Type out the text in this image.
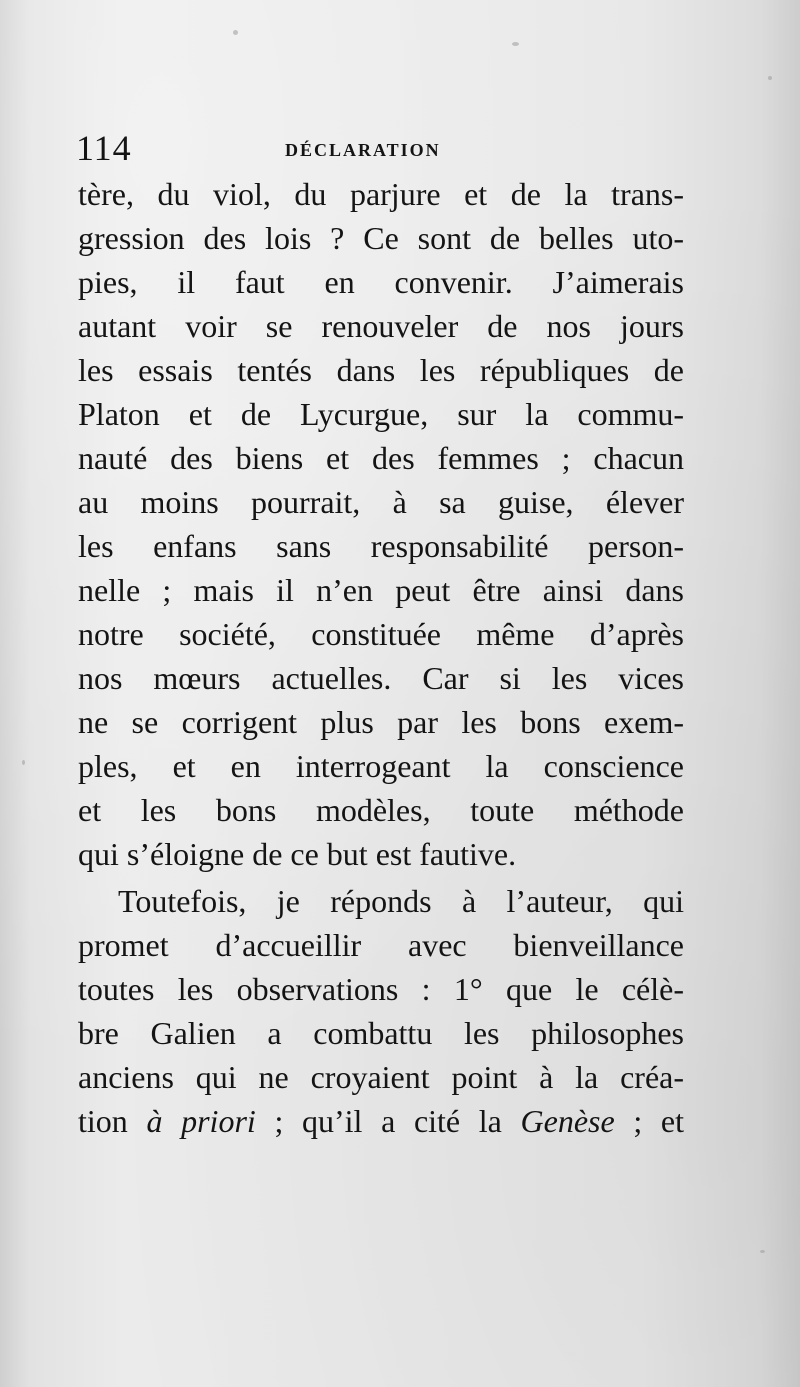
114	DÉCLARATION
tère, du viol, du parjure et de la trans-
gression des lois ? Ce sont de belles uto-
pies, il faut en convenir. J’aimerais
autant voir se renouveler de nos jours
les essais tentés dans les républiques de
Platon et de Lycurgue, sur la commu-
nauté des biens et des femmes ; chacun
au moins pourrait, à sa guise, élever
les enfans sans responsabilité person-
nelle ; mais il n’en peut être ainsi dans
notre société, constituée même d’après
nos mœurs actuelles. Car si les vices
ne se corrigent plus par les bons exem-
ples, et en interrogeant la conscience
et les bons modèles, toute méthode
qui s’éloigne de ce but est fautive.
Toutefois, je réponds à l’auteur, qui
promet d’accueillir avec bienveillance
toutes les observations : 1° que le célè-
bre Galien a combattu les philosophes
anciens qui ne croyaient point à la créa-
tion à priori ; qu’il a cité la Genèse ; et
